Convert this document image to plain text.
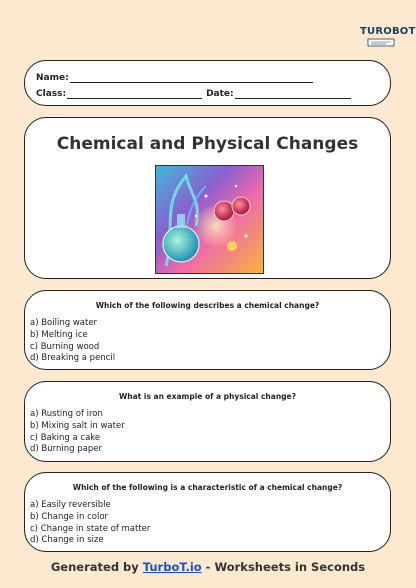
TUROBOT
Name:
Class:	Date:
Chemical and Physical Changes
Which of the following describes a chemical change?
a) Boiling water
b) Melting ice
c) Burning wood
d) Breaking a pencil
What is an example of a physical change?
a) Rusting of iron
b) Mixing salt in water
c) Baking a cake
d) Burning paper
Which of the following is a characteristic of a chemical change?
a) Easily reversible
b) Change in color
c) Change in state of matter
d) Change in size
Generated by TurboT.io - Worksheets in Seconds
